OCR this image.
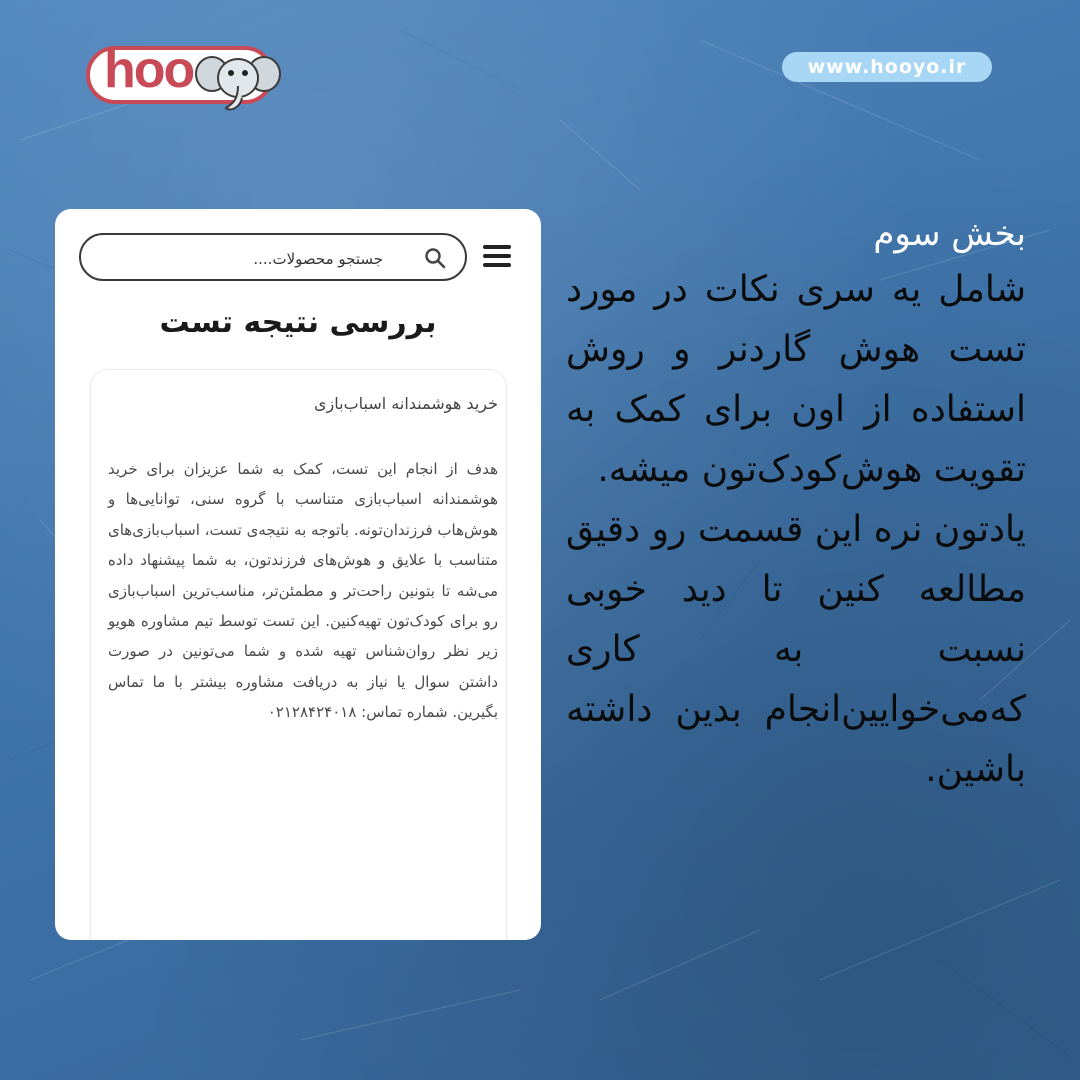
hoo	www.hooyo.ir
جستجو محصولات....
بررسی نتیجه تست
خرید هوشمندانه اسباب‌بازی
هدف از انجام این تست، کمک به شما عزیزان برای خرید هوشمندانه اسباب‌بازی متناسب با گروه سنی، توانایی‌ها و هوش‌هاب فرزندان‌تونه. باتوجه به نتیجه‌ی تست، اسباب‌بازی‌های متناسب با علایق و هوش‌های فرزندتون، به شما پیشنهاد داده می‌شه تا بتونین راحت‌تر و مطمئن‌تر، مناسب‌ترین اسباب‌بازی رو برای کودک‌تون تهیه‌کنین. این تست توسط تیم مشاوره هویو زیر نظر روان‌شناس تهیه شده و شما می‌تونین در صورت داشتن سوال یا نیاز به دریافت مشاوره بیشتر با ما تماس بگیرین. شماره تماس: ۰۲۱۲۸۴۲۴۰۱۸

بخش سوم

شامل یه سری نکات در مورد تست هوش گاردنر و روش استفاده از اون برای کمک به تقویت هوش‌کودک‌تون میشه.

یادتون نره این قسمت رو دقیق مطالعه کنین تا دید خوبی نسبت به کاری که‌می‌خوایین‌انجام بدین داشته باشین.
